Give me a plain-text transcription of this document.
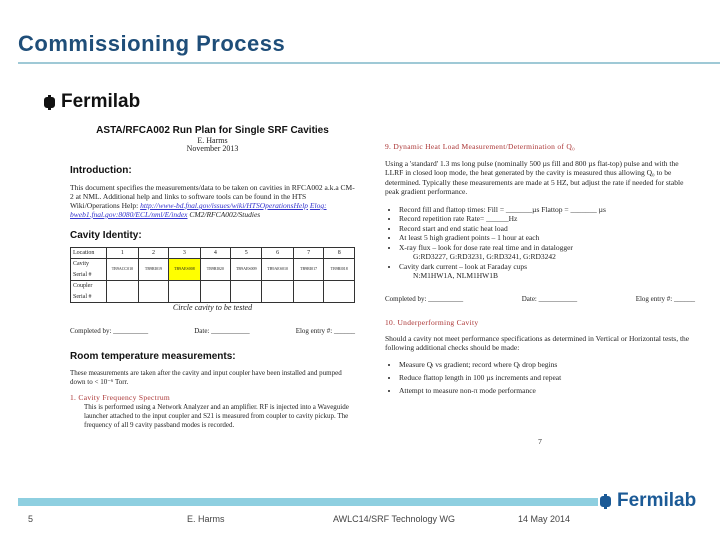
Commissioning Process
Fermilab
ASTA/RFCA002 Run Plan for Single SRF Cavities
E. Harms
November 2013
Introduction:
This document specifies the measurements/data to be taken on cavities in RFCA002 a.k.a CM-2 at NML. Additional help and links to software tools can be found in the HTS Wiki/Operations Help: http://www-bd.fnal.gov/issues/wiki/HTSOperationsHelp Elog: bweb1.fnal.gov:8080/ECL/nml/E/index CM2/RFCA002/Studies
Cavity Identity:
Location	1	2	3	4	5	6	7	8
Cavity Serial #	TB9ACC010	TB9RI019	TB9AES008	TB9RI020	TB9AES009	TB9AES010	TB9RI017	TB9RI018
Coupler Serial #								
Circle cavity to be tested
Completed by: __________	Date: ___________	Elog entry #: ______
Room temperature measurements:
These measurements are taken after the cavity and input coupler have been installed and pumped down to < 10⁻⁶ Torr.
1. Cavity Frequency Spectrum
This is performed using a Network Analyzer and an amplifier. RF is injected into a Waveguide launcher attached to the input coupler and S21 is measured from coupler to cavity pickup. The frequency of all 9 cavity passband modes is recorded.
9. Dynamic Heat Load Measurement/Determination of Q₀
Using a 'standard' 1.3 ms long pulse (nominally 500 µs fill and 800 µs flat-top) pulse and with the LLRF in closed loop mode, the heat generated by the cavity is measured thus allowing Q₀ to be determined. Typically these measurements are made at 5 HZ, but adjust the rate if needed for stable peak gradient performance.
• Record fill and flattop times: Fill = _______µs Flattop = _______ µs
• Record repetition rate Rate= ______Hz
• Record start and end static heat load
• At least 5 high gradient points – 1 hour at each
• X-ray flux – look for dose rate real time and in datalogger
G:RD3227, G:RD3231, G:RD3241, G:RD3242
• Cavity dark current – look at Faraday cups
N:M1HW1A, NLM1HW1B
Completed by: __________	Date: ___________	Elog entry #: ______
10. Underperforming Cavity
Should a cavity not meet performance specifications as determined in Vertical or Horizontal tests, the following additional checks should be made:
• Measure Qₗ vs gradient; record where Qₗ drop begins
• Reduce flattop length in 100 µs increments and repeat
• Attempt to measure non-π mode performance
7
Fermilab
5	E. Harms	AWLC14/SRF Technology WG	14 May 2014
